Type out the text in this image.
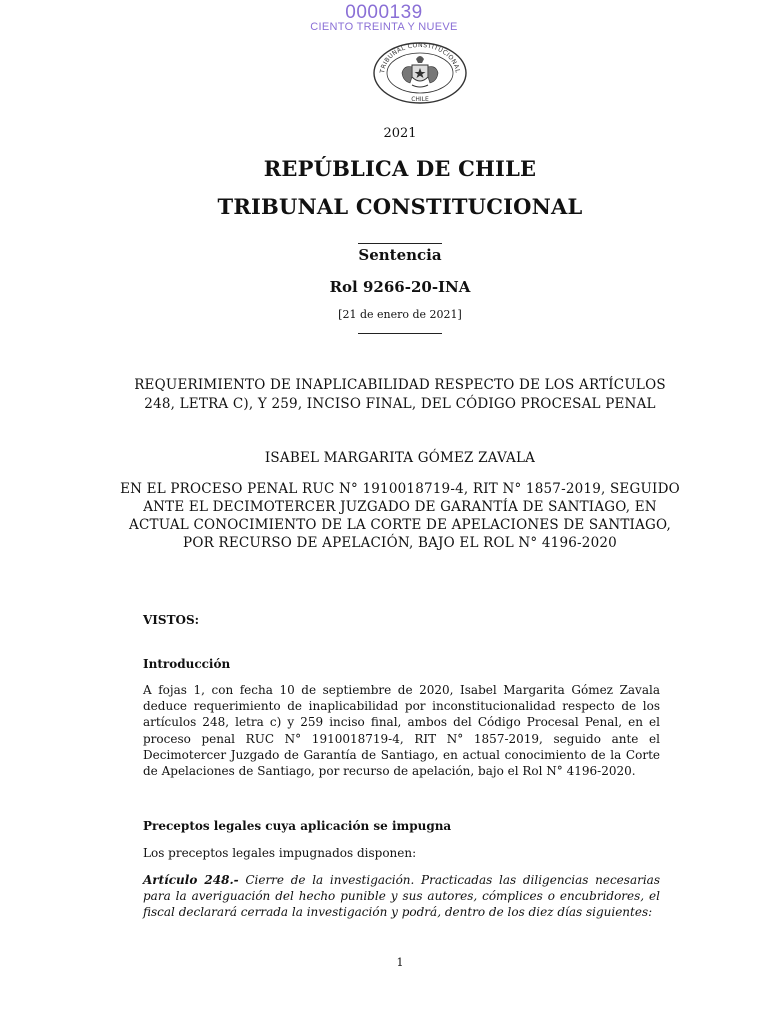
0000139
CIENTO TREINTA Y NUEVE
TRIBUNAL CONSTITUCIONAL
CHILE
2021
REPÚBLICA DE CHILE
TRIBUNAL CONSTITUCIONAL
Sentencia
Rol 9266-20-INA
[21 de enero de 2021]
REQUERIMIENTO DE INAPLICABILIDAD RESPECTO DE LOS ARTÍCULOS 248, LETRA C), Y 259, INCISO FINAL, DEL CÓDIGO PROCESAL PENAL
ISABEL MARGARITA GÓMEZ ZAVALA
EN EL PROCESO PENAL RUC N° 1910018719-4, RIT N° 1857-2019, SEGUIDO ANTE EL DECIMOTERCER JUZGADO DE GARANTÍA DE SANTIAGO, EN ACTUAL CONOCIMIENTO DE LA CORTE DE APELACIONES DE SANTIAGO, POR RECURSO DE APELACIÓN, BAJO EL ROL N° 4196-2020
VISTOS:
Introducción
A fojas 1, con fecha 10 de septiembre de 2020, Isabel Margarita Gómez Zavala deduce requerimiento de inaplicabilidad por inconstitucionalidad respecto de los artículos 248, letra c) y 259 inciso final, ambos del Código Procesal Penal, en el proceso penal RUC N° 1910018719-4, RIT N° 1857-2019, seguido ante el Decimotercer Juzgado de Garantía de Santiago, en actual conocimiento de la Corte de Apelaciones de Santiago, por recurso de apelación, bajo el Rol N° 4196-2020.
Preceptos legales cuya aplicación se impugna
Los preceptos legales impugnados disponen:
Artículo 248.- Cierre de la investigación. Practicadas las diligencias necesarias para la averiguación del hecho punible y sus autores, cómplices o encubridores, el fiscal declarará cerrada la investigación y podrá, dentro de los diez días siguientes:
1
